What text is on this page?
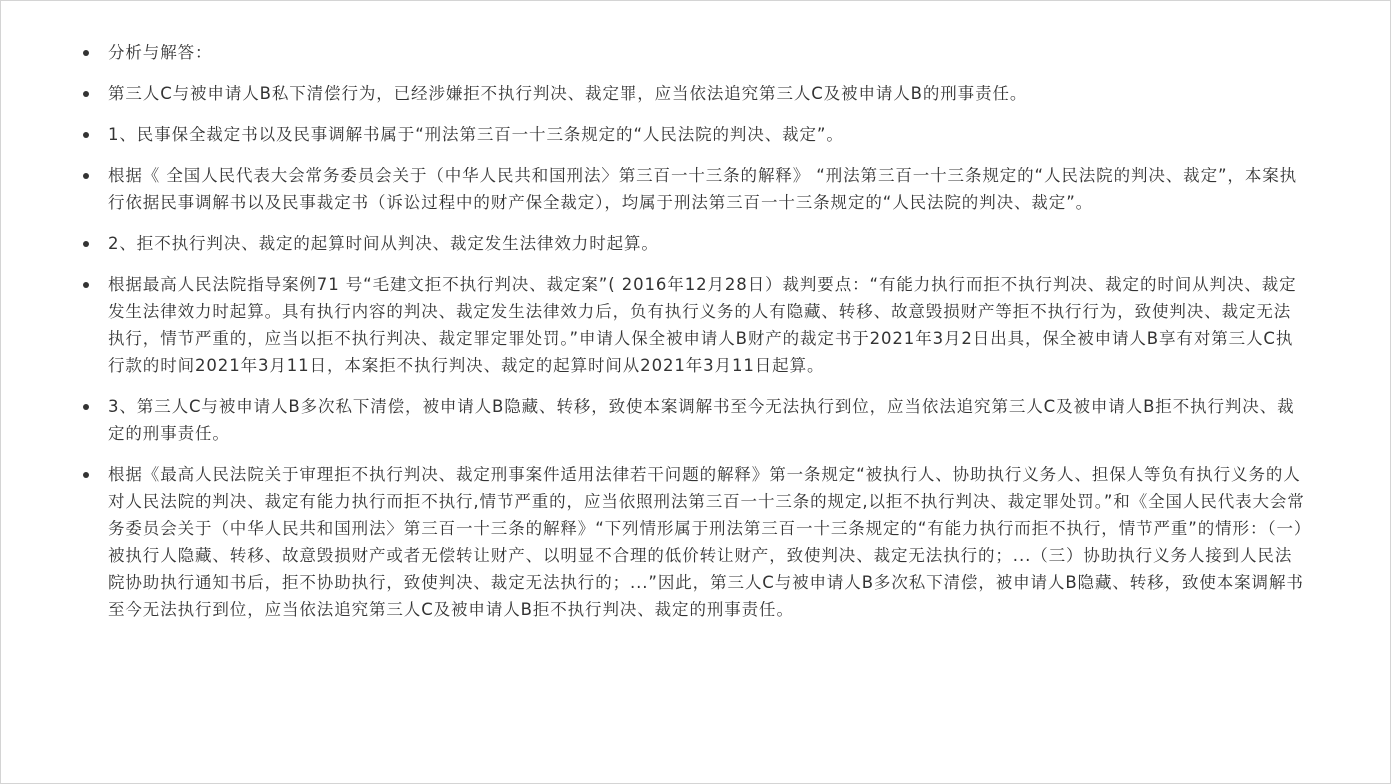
分析与解答：
第三人C与被申请人B私下清偿行为，已经涉嫌拒不执行判决、裁定罪，应当依法追究第三人C及被申请人B的刑事责任。
1、民事保全裁定书以及民事调解书属于“刑法第三百一十三条规定的“人民法院的判决、裁定”。
根据《 全国人民代表大会常务委员会关于（中华人民共和国刑法〉第三百一十三条的解释》 “刑法第三百一十三条规定的“人民法院的判决、裁定”，本案执行依据民事调解书以及民事裁定书（诉讼过程中的财产保全裁定），均属于刑法第三百一十三条规定的“人民法院的判决、裁定”。
2、拒不执行判决、裁定的起算时间从判决、裁定发生法律效力时起算。
根据最高人民法院指导案例71 号“毛建文拒不执行判决、裁定案”( 2016年12月28日）裁判要点：“有能力执行而拒不执行判决、裁定的时间从判决、裁定发生法律效力时起算。具有执行内容的判决、裁定发生法律效力后，负有执行义务的人有隐藏、转移、故意毁损财产等拒不执行行为，致使判决、裁定无法执行，情节严重的，应当以拒不执行判决、裁定罪定罪处罚。”申请人保全被申请人B财产的裁定书于2021年3月2日出具，保全被申请人B享有对第三人C执行款的时间2021年3月11日，本案拒不执行判决、裁定的起算时间从2021年3月11日起算。
3、第三人C与被申请人B多次私下清偿，被申请人B隐藏、转移，致使本案调解书至今无法执行到位，应当依法追究第三人C及被申请人B拒不执行判决、裁定的刑事责任。
根据《最高人民法院关于审理拒不执行判决、裁定刑事案件适用法律若干问题的解释》第一条规定“被执行人、协助执行义务人、担保人等负有执行义务的人对人民法院的判决、裁定有能力执行而拒不执行,情节严重的，应当依照刑法第三百一十三条的规定,以拒不执行判决、裁定罪处罚。”和《全国人民代表大会常务委员会关于（中华人民共和国刑法〉第三百一十三条的解释》“下列情形属于刑法第三百一十三条规定的“有能力执行而拒不执行，情节严重”的情形：（一）被执行人隐藏、转移、故意毁损财产或者无偿转让财产、以明显不合理的低价转让财产，致使判决、裁定无法执行的；...（三）协助执行义务人接到人民法院协助执行通知书后，拒不协助执行，致使判决、裁定无法执行的；...”因此，第三人C与被申请人B多次私下清偿，被申请人B隐藏、转移，致使本案调解书至今无法执行到位，应当依法追究第三人C及被申请人B拒不执行判决、裁定的刑事责任。
